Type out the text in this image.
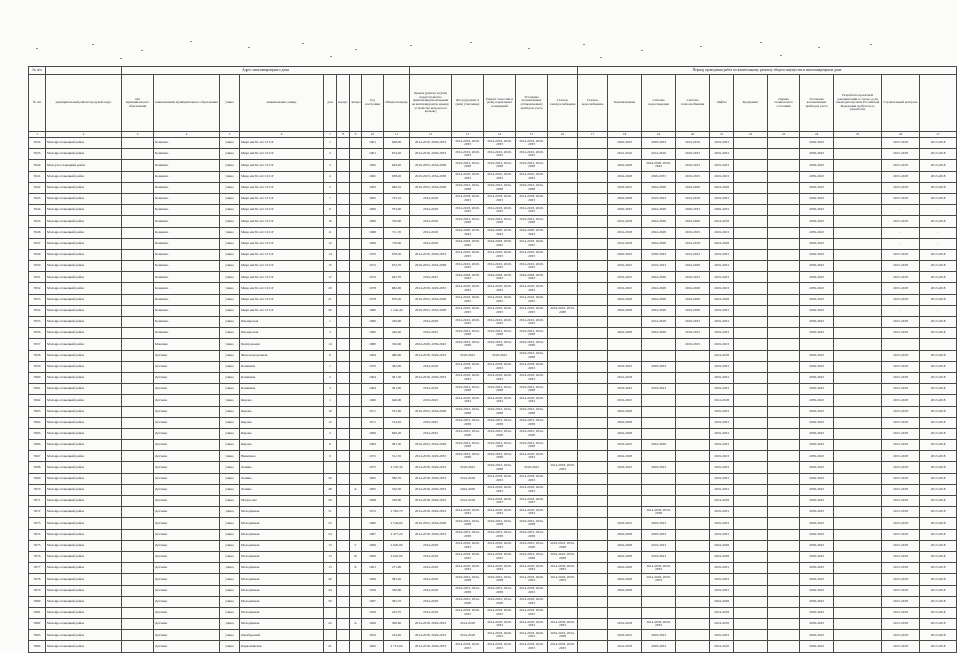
№ п/п		Адрес многоквартирного дома														Период проведения работ по капитальному ремонту общего имущества в многоквартирном доме										
№ п/п	муниципальный район/городской округ	тип муниципального образования	наименование муниципального образования	улица	наименование улицы	дом	корпус	литера	Год постройки	Общая площадь	Крыша (ремонт и (или) переустройство невентилируемой крыши на вентилируемую крышу, устройство выходов на кровлю)	Фасад (ремонт и (или) утепление)	Ремонт отмостки и (или) подвальных помещений	Установка коллективных (общедомовых) приборов учета	Газовое электроснабжение	Газовое водоснабжение	Канализование	Система водоотведения	Система теплоснабжения	Лифты	Фундамент	Оценка технического состояния	Установка коллективных приборов учета	Разработка проектной документации в случае, если законодательством Российской Федерации требуется ее разработка	Строительный контроль	
1	2	3	4	5	6	7	8	9	10	11	12	13	14	15	16	17	18	19	20	21	22	23	24	25	26	27
5934	Малоярославецкий район		Кошкино	улица	Мира им.30-лет СССР	1			1961	648,00	2014-2019, 2029-2033	2014-2016, 2029-2033	2014-2016, 2029-2033	2014-2019, 2029-2033			2029-2033	2029-2033	2014-2016	2019-2023			2039-2043		2015-2018	2015-2018
5935	Малоярославецкий район		Кошкино	улица	Мира им.30-лет СССР	2			1961	674,20	2014-2019, 2029-2033	2014-2019, 2029-2033	2014-2016, 2029-2033	2014-2016, 2029-2033			2014-2016	2014-2016	2019-2023	2019-2023			2039-2043		2015-2018	2015-2018
5940	Малоyarославецкий район		Кошкино	улица	Мира им.30-лет СССР	3			1962	629,20	2019-2023, 2034-2038	2019-2023, 2034-2038	2019-2023, 2034-2038	2019-2023, 2034-2038			2024-2028	2024-2028, 2039-2043	2019-2023	2019-2023			2039-2043		2015-2018	2015-2018
5941	Малоярославецкий район		Кошкино	улица	Мира им.30-лет СССР	4			1962	638,20	2019-2023, 2034-2038	2014-2018, 2029-2033	2014-2016, 2029-2033	2014-2016, 2029-2033			2024-2028	2029-2033	2019-2023	2019-2023			2039-2043		2015-2018	2015-2018
5942	Малоярославецкий район		Кошкино	улица	Мира им.30-лет СССР	5			1963	646,10	2019-2023, 2034-2038	2019-2023, 2034-2038	2019-2023, 2034-2038	2019-2023, 2034-2038			2019-2023	2024-2028	2024-2028	2024-2028			2039-2043		2015-2018	2015-2018
5943	Малоярославецкий район		Кошкино	улица	Мира им.30-лет СССР	7			1965	725,10	2014-2018	2014-2018, 2029-2033	2014-2018, 2029-2033	2014-2018, 2029-2033			2024-2028	2019-2023	2014-2018	2019-2023			2039-2043		2015-2018	2015-2018
5944	Малоярославецкий район		Кошкино	улица	Мира им.30-лет СССР	9			1966	703,90	2014-2018	2014-2018, 2029-2033	2014-2018, 2029-2033	2014-2018, 2029-2033			2029-2033	2024-2028	2029-2033	2029-2033			2039-2043		-	-
5945	Малоярославецкий район		Кошкино	улица	Мира им.30-лет СССР	10			1966	720,90	2014-2018	2019-2023, 2034-2038	2019-2023, 2034-2038	2019-2023, 2034-2038			2014-2018	2024-2028	2024-2028	2014-2018			2039-2043		2015-2018	2015-2018
5946	Малоярославецкий район		Кошкино	улица	Мира им.30-лет СССР	11			1968	711,70	2014-2018	2024-2028, 2039-2043	2024-2028, 2039-2043	2024-2028, 2039-2043			2014-2018	2024-2028	2019-2023	2019-2023			2039-2043		-	-
5947	Малоярославецкий район		Кошкино	улица	Мира им.30-лет СССР	12			1969	716,90	2014-2018	2024-2028, 2039-2043	2024-2028, 2039-2043	2014-2018, 2029-2033			2014-2018	2024-2028	2014-2018	2024-2028			2039-2043		-	-
5949	Малоярославецкий район		Кошкино	улица	Мира им.30-лет СССР	14			1970	678,30	2014-2016, 2029-2033	2014-2016, 2029-2033	2014-2016, 2029-2033	2014-2016, 2029-2033			2029-2043	2039-2043	2014-2024	2019-2023			2039-2043		2015-2018	2015-2018
5950	Малоярославецкий район		Кошкино	улица	Мира им.30-лет СССР	15			1972	672,70	2019-2023, 2034-2038	2014-2016, 2029-2033	2014-2016, 2029-2033	2014-2016, 2029-2033			2019-2023	2019-2023	2024-2028	2019-2023			2039-2043		2015-2018	2015-2018
5951	Малоярославецкий район		Кошкино	улица	Мира им.30-лет СССР	17			1974	622,70	2019-2023	2024-2028, 2039-2043	2024-2028, 2039-2043	2024-2028, 2039-2043			2019-2023	2024-2028	2019-2023	2019-2023			2039-2043		2015-2018	2015-2018
5952	Малоярославецкий район		Кошкино	улица	Мира им.30-лет СССР	20			1978	682,00	2014-2018, 2029-2033	2014-2018, 2029-2033	2014-2018, 2029-2033	2014-2018, 2029-2033			2019-2023	2024-2028	2024-2028	2019-2023			2039-2043		2015-2018	2015-2018
5953	Малоярославецкий район		Кошкино	улица	Мира им.30-лет СССР	21			1978	676,20	2019-2023, 2034-2038	2014-2016, 2029-2033	2014-2016, 2029-2033	2014-2016, 2029-2033			2024-2028	2024-2028	2024-2028	2024-2028			2039-2043		2015-2018	2015-2018
5954	Малоярославецкий район		Кошкино	улица	Мира им.30-лет СССР	40			1980	1 242,40	2019-2023, 2034-2038	2014-2016, 2029-2033	2014-2016, 2029-2033	2014-2016, 2029-2033	2019-2023, 2034-2038		2024-2028	2024-2028	2024-2028	2019-2023			2039-2043		-	-
5955	Малоярославецкий район		Кошкино	улица	Пионерская	1			1960	230,00	2014-2018	2014-2016, 2029-2033	2014-2016, 2029-2033	2014-2016, 2029-2033				2014-2018	2019-2023	2019-2023			2039-2043		2015-2018	2015-2018
5956	Малоярославецкий район		Кошкино	улица	Пионерская	3			1960	240,40	2019-2023	2019-2023, 2034-2038	2019-2023, 2034-2038	2019-2023, 2034-2038			2024-2028	2024-2028	2019-2023	2019-2023			2039-2043		2015-2018	2015-2018
5957	Малоярославецкий район		Маклино	улица	Центральная	14			1980	356,00	2024-2028, 2039-2043	2019-2023, 2034-2038	2019-2023, 2034-2038	2019-2023, 2034-2038					2019-2023	2019-2023						
5958	Малоярославецкий район		Детчино	улица	Железнодорожная	6			1964	480,60	2014-2018, 2029-2033	2019-2023	2019-2023	2019-2023, 2034-2038						2014-2018			2039-2043		2015-2018	2015-2018
5959	Малоярославецкий район		Детчино	улица	Калинина	1			1970	362,00	2014-2018	2014-2018, 2029-2033	2014-2018, 2029-2033	2014-2018, 2029-2033			2019-2043	2029-2033		2019-2023			2039-2043		2015-2018	2015-2018
5960	Малоярославецкий район		Детчино	улица	Калинина	2			1964	361,50	2014-2018, 2029-2033	2014-2018, 2029-2033	2014-2018, 2029-2033	2014-2018, 2029-2033			2014-2018			2019-2023			2039-2043		2015-2018	2015-2018
5961	Малоярославецкий район		Детчино	улица	Калинина	4			1964	361,00	2014-2018	2019-2023, 2034-2038	2019-2023, 2034-2038	2019-2023, 2034-2038			2019-2043	2019-2023		2019-2023			2039-2043		2015-2018	2015-2018
5962	Малоярославецкий район		Детчино	улица	Кирова	1			1960	646,00	2019-2023	2014-2018, 2029-2033	2014-2018, 2029-2033	2014-2018, 2029-2033			2019-2023			2014-2018			2039-2043		2015-2018	2015-2018
5963	Малоярославецкий район		Детчино	улица	Кирова	10			1971	531,00	2019-2023, 2034-2038	2019-2023, 2034-2038	2019-2023, 2034-2038	2019-2023, 2034-2038			2024-2028			2019-2023			2039-2043		2015-2018	2015-2018
5964	Малоярославецкий район		Детчино	улица	Кирова	12			1971	514,20	2019-2023	2019-2023, 2034-2038	2019-2023, 2034-2038	2019-2023, 2034-2038			2024-2028			2019-2023			2039-2043		2015-2018	2015-2018
5965	Малоярославецкий район		Детчино	улица	Кирова	2			1969	640,20	2014-2023	2019-2023, 2034-2038	2019-2023, 2034-2038	2019-2023, 2034-2038			2024-2028			2019-2023			2039-2043		2015-2018	2015-2018
5966	Малоярославецкий район		Детчино	улица	Кирова	8			1984	581,30	2019-2023, 2034-2038	2019-2023, 2034-2038	2019-2023, 2034-2038	2019-2023, 2034-2038			2019-2023	2024-2028		2019-2023			2039-2043		2015-2018	2015-2018
5967	Малоярославецкий район		Детчино	улица	Никитина	6			1972	511,35	2014-2018, 2029-2033	2019-2023, 2034-2038	2019-2023, 2034-2038	2014-2018, 2029-2033			2024-2028			2019-2023			2039-2043		2015-2018	2015-2018
5968	Малоярославецкий район		Детчино	улица	Ленина				1975	4 335,30	2014-2018, 2029-2033	2019-2023	2019-2023, 2034-2038	2019-2023	2014-2018, 2029-2033		2019-2043	2029-2033		2019-2023			2039-2043		2015-2018	2015-2018
5969	Малоярославецкий район		Детчино	улица	Ленина	50			1965	580,70	2014-2018, 2029-2033	2014-2018	2014-2018, 2029-2033	2014-2018, 2029-2033						2019-2023			2039-2043		2015-2018	2015-2018
5970	Малоярославецкий район		Детчино	улица	Ленина	48		А	1965	520,30	2014-2018, 2029-2033	2024-2028	2014-2018, 2029-2033	2014-2018, 2029-2033						2019-2023			2039-2043		2015-2018	2015-2018
5971	Малоярославецкий район		Детчино	улица	Матросова	50			1968	528,00	2014-2018, 2029-2033	2014-2018	2014-2018, 2029-2033	2014-2018, 2029-2033						2014-2018			2039-2043		2015-2018	2015-2018
5972	Малоярославецкий район		Детчино	улица	Молодёжная	51			1972	2 581,70	2014-2018, 2029-2033	2014-2018, 2029-2033	2014-2018, 2029-2033	2014-2018, 2029-2033				2014-2018, 2034-2038		2019-2023			2039-2043		2015-2018	2015-2018
5973	Малоярославецкий район		Детчино	улица	Молодёжная	52			1990	2 544,60	2019-2023, 2034-2038	2019-2023, 2034-2038	2019-2023, 2034-2038	2019-2023, 2034-2038			2019-2023	2029-2033		2019-2023			2039-2043		2015-2018	2015-2018
5974	Малоярославецкий район		Детчино	улица	Молодёжная	54			1987	2 477,20	2014-2018, 2029-2033	2019-2023, 2034-2038	2019-2023, 2034-2038	2019-2023, 2034-2038			2024-2028	2029-2033		2019-2023			2039-2043		2015-2018	2015-2018
5975	Малоярославецкий район		Детчино	улица	Молодёжная	13		Г	1969	2 620,90	2014-2018	2014-2018, 2029-2033	2014-2018, 2029-2033	2019-2023, 2034-2038	2019-2023, 2034-2038		2024-2028	2019-2023		2024-2028			2039-2043		2015-2018	2015-2018
5976	Малоярославецкий район		Детчино	улица	Молодёжная	13		В	1969	2 622,00	2014-2018	2014-2018, 2029-2033	2014-2018, 2029-2033	2019-2023, 2034-2038	2019-2023, 2034-2038		2024-2028	2019-2023		2024-2028			2039-2043		2015-2018	2015-2018
5977	Малоярославецкий район		Детчино	улица	Молодёжная	13		Б	1991	271,00	2014-2018	2014-2018, 2029-2033	2014-2018, 2029-2033	2014-2018, 2029-2033	2014-2018, 2029-2033		2024-2028	2014-2018, 2029-2033		2019-2023			2039-2043		2015-2018	2015-2018
5978	Малоярославецкий район		Детчино	улица	Молодёжная	40			1969	383,20	2014-2018	2019-2023, 2034-2038	2019-2023, 2034-2038	2014-2018, 2029-2033	2014-2018, 2029-2033		2024-2028	2014-2018, 2029-2033		2019-2023			2039-2043		2015-2018	2015-2018
5979	Малоярославецкий район		Детчино	улица	Молодёжная	44			1959	330,80	2014-2018	2019-2023, 2034-2038	2019-2023, 2034-2038	2014-2018, 2029-2033			2024-2028			2019-2023			2039-2043		2015-2018	2015-2018
5980	Малоярославецкий район		Детчино	улица	Молодёжная	50			1967	365,70	2014-2018	2019-2023, 2034-2038	2019-2023, 2034-2038	2014-2018, 2029-2033						2024-2028			2039-2043		2015-2018	2015-2018
5981	Малоярославецкий район		Детчино	улица	Молодёжная				1959	225,70	2014-2018	2014-2018, 2029-2033	2014-2018, 2029-2033	2014-2018, 2029-2033						2014-2018			2039-2043		2015-2018	2015-2018
5982	Малоярославецкий район		Детчино	улица	Молодёжная	22		А	1969	369,60	2014-2018, 2029-2033	2014-2018	2014-2018, 2029-2033	2014-2018, 2029-2033	2014-2018, 2029-2033		2014-2018	2014-2018, 2029-2033		2014-2018			2039-2043		2015-2018	2015-2018
5983	Малоярославецкий район		Детчино	улица	Октябрьский				1954	234,40	2014-2018, 2029-2033	2014-2018	2014-2018, 2029-2033	2014-2018, 2029-2033	2019-2023, 2034-2038		2019-2023	2029-2033		2019-2023			2039-2043		2015-2018	2015-2018
5984	Малоярославецкий район		Детчино	улица	Первомайская	41			1962	4 713,00	2014-2018, 2029-2033	2014-2018, 2029-2033	2014-2018, 2029-2033	2014-2018, 2029-2033	2014-2018, 2029-2033		2014-2018	2029-2033		2014-2018			2039-2043		2015-2018	2015-2018
